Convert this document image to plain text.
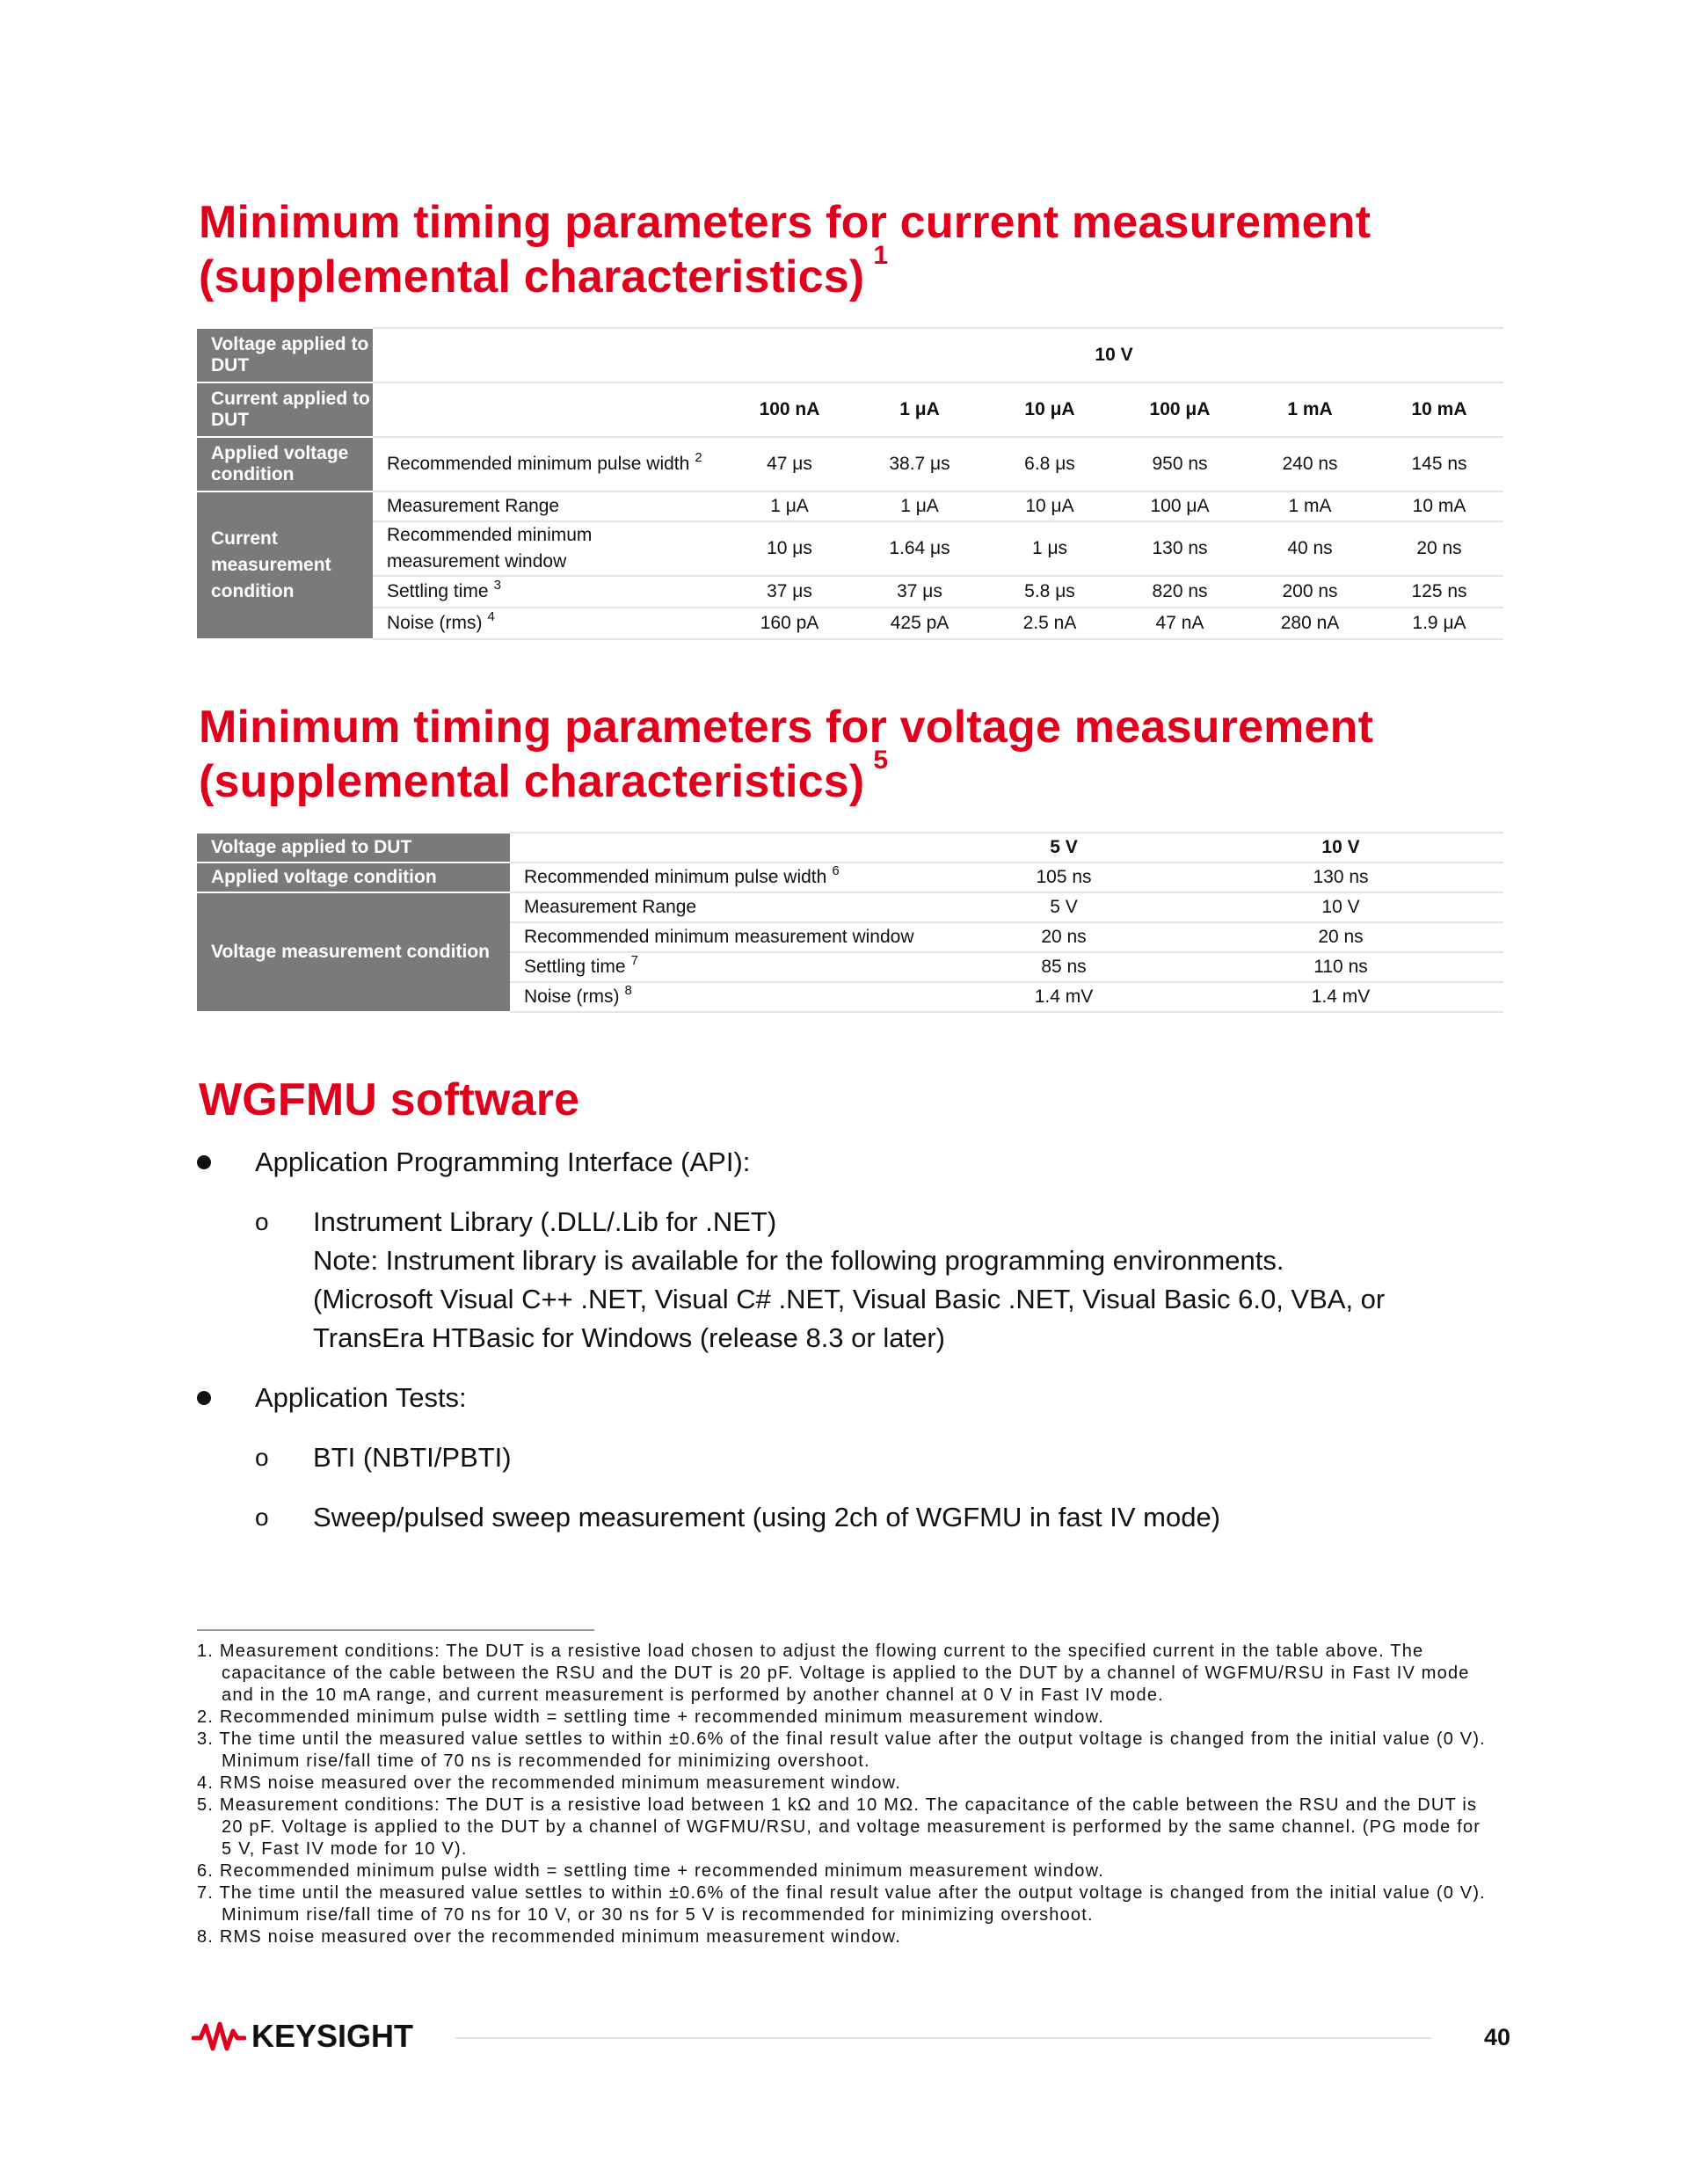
Minimum timing parameters for current measurement
(supplemental characteristics) $^1$
Voltage applied to DUT		10 V					
Current applied to DUT		100 nA	1 μA	10 μA	100 μA	1 mA	10 mA
Applied voltage condition	Recommended minimum pulse width $^2$	47 μs	38.7 μs	6.8 μs	950 ns	240 ns	145 ns
Current measurement condition	Measurement Range	1 μA	1 μA	10 μA	100 μA	1 mA	10 mA
	Recommended minimum measurement window	10 μs	1.64 μs	1 μs	130 ns	40 ns	20 ns
	Settling time $^3$	37 μs	37 μs	5.8 μs	820 ns	200 ns	125 ns
	Noise (rms) $^4$	160 pA	425 pA	2.5 nA	47 nA	280 nA	1.9 μA
Minimum timing parameters for voltage measurement
(supplemental characteristics) $^5$
Voltage applied to DUT		5 V	10 V
Applied voltage condition	Recommended minimum pulse width $^6$	105 ns	130 ns
Voltage measurement condition	Measurement Range	5 V	10 V
	Recommended minimum measurement window	20 ns	20 ns
	Settling time $^7$	85 ns	110 ns
	Noise (rms) $^8$	1.4 mV	1.4 mV
WGFMU software

Application Programming Interface (API):

o Instrument Library (.DLL/.Lib for .NET)
Note: Instrument library is available for the following programming environments.
(Microsoft Visual C++ .NET, Visual C# .NET, Visual Basic .NET, Visual Basic 6.0, VBA, or
TransEra HTBasic for Windows (release 8.3 or later)

Application Tests:

o BTI (NBTI/PBTI)

o Sweep/pulsed sweep measurement (using 2ch of WGFMU in fast IV mode)

1. Measurement conditions: The DUT is a resistive load chosen to adjust the flowing current to the specified current in the table above. The capacitance of the cable between the RSU and the DUT is 20 pF. Voltage is applied to the DUT by a channel of WGFMU/RSU in Fast IV mode and in the 10 mA range, and current measurement is performed by another channel at 0 V in Fast IV mode.
2. Recommended minimum pulse width = settling time + recommended minimum measurement window.
3. The time until the measured value settles to within ±0.6% of the final result value after the output voltage is changed from the initial value (0 V). Minimum rise/fall time of 70 ns is recommended for minimizing overshoot.
4. RMS noise measured over the recommended minimum measurement window.
5. Measurement conditions: The DUT is a resistive load between 1 kΩ and 10 MΩ. The capacitance of the cable between the RSU and the DUT is 20 pF. Voltage is applied to the DUT by a channel of WGFMU/RSU, and voltage measurement is performed by the same channel. (PG mode for 5 V, Fast IV mode for 10 V).
6. Recommended minimum pulse width = settling time + recommended minimum measurement window.
7. The time until the measured value settles to within ±0.6% of the final result value after the output voltage is changed from the initial value (0 V). Minimum rise/fall time of 70 ns for 10 V, or 30 ns for 5 V is recommended for minimizing overshoot.
8. RMS noise measured over the recommended minimum measurement window.
KEYSIGHT	40
